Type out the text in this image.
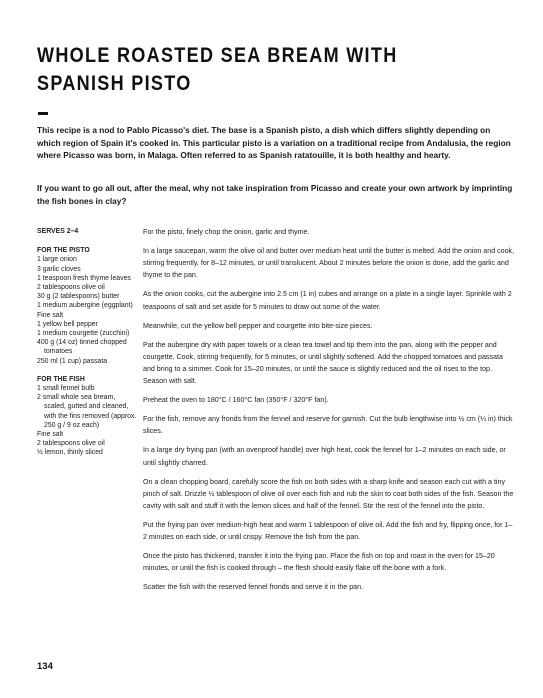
WHOLE ROASTED SEA BREAM WITH
SPANISH PISTO

This recipe is a nod to Pablo Picasso's diet. The base is a Spanish pisto, a dish which differs slightly depending on which region of Spain it's cooked in. This particular pisto is a variation on a traditional recipe from Andalusia, the region where Picasso was born, in Malaga. Often referred to as Spanish ratatouille, it is both healthy and hearty.

If you want to go all out, after the meal, why not take inspiration from Picasso and create your own artwork by imprinting the fish bones in clay?

SERVES 2–4

FOR THE PISTO

1 large onion
3 garlic cloves
1 teaspoon fresh thyme leaves
2 tablespoons olive oil
30 g (2 tablespoons) butter
1 medium aubergine (eggplant)
Fine salt
1 yellow bell pepper
1 medium courgette (zucchini)
400 g (14 oz) tinned chopped tomatoes
250 ml (1 cup) passata

FOR THE FISH

1 small fennel bulb
2 small whole sea bream, scaled, gutted and cleaned, with the fins removed (approx. 250 g / 9 oz each)
Fine salt
2 tablespoons olive oil
½ lemon, thinly sliced

For the pisto, finely chop the onion, garlic and thyme.

In a large saucepan, warm the olive oil and butter over medium heat until the butter is melted. Add the onion and cook, stirring frequently, for 8–12 minutes, or until translucent. About 2 minutes before the onion is done, add the garlic and thyme to the pan.

As the onion cooks, cut the aubergine into 2.5 cm (1 in) cubes and arrange on a plate in a single layer. Sprinkle with 2 teaspoons of salt and set aside for 5 minutes to draw out some of the water.

Meanwhile, cut the yellow bell pepper and courgette into bite-size pieces.

Pat the aubergine dry with paper towels or a clean tea towel and tip them into the pan, along with the pepper and courgette. Cook, stirring frequently, for 5 minutes, or until slightly softened. Add the chopped tomatoes and passata and bring to a simmer. Cook for 15–20 minutes, or until the sauce is slightly reduced and the oil rises to the top. Season with salt.

Preheat the oven to 180°C / 160°C fan (350°F / 320°F fan).

For the fish, remove any fronds from the fennel and reserve for garnish. Cut the bulb lengthwise into ½ cm (¼ in) thick slices.

In a large dry frying pan (with an ovenproof handle) over high heat, cook the fennel for 1–2 minutes on each side, or until slightly charred.

On a clean chopping board, carefully score the fish on both sides with a sharp knife and season each cut with a tiny pinch of salt. Drizzle ½ tablespoon of olive oil over each fish and rub the skin to coat both sides of the fish. Season the cavity with salt and stuff it with the lemon slices and half of the fennel. Stir the rest of the fennel into the pisto.

Put the frying pan over medium-high heat and warm 1 tablespoon of olive oil. Add the fish and fry, flipping once, for 1–2 minutes on each side, or until crispy. Remove the fish from the pan.

Once the pisto has thickened, transfer it into the frying pan. Place the fish on top and roast in the oven for 15–20 minutes, or until the fish is cooked through – the flesh should easily flake off the bone with a fork.

Scatter the fish with the reserved fennel fronds and serve it in the pan.

134
